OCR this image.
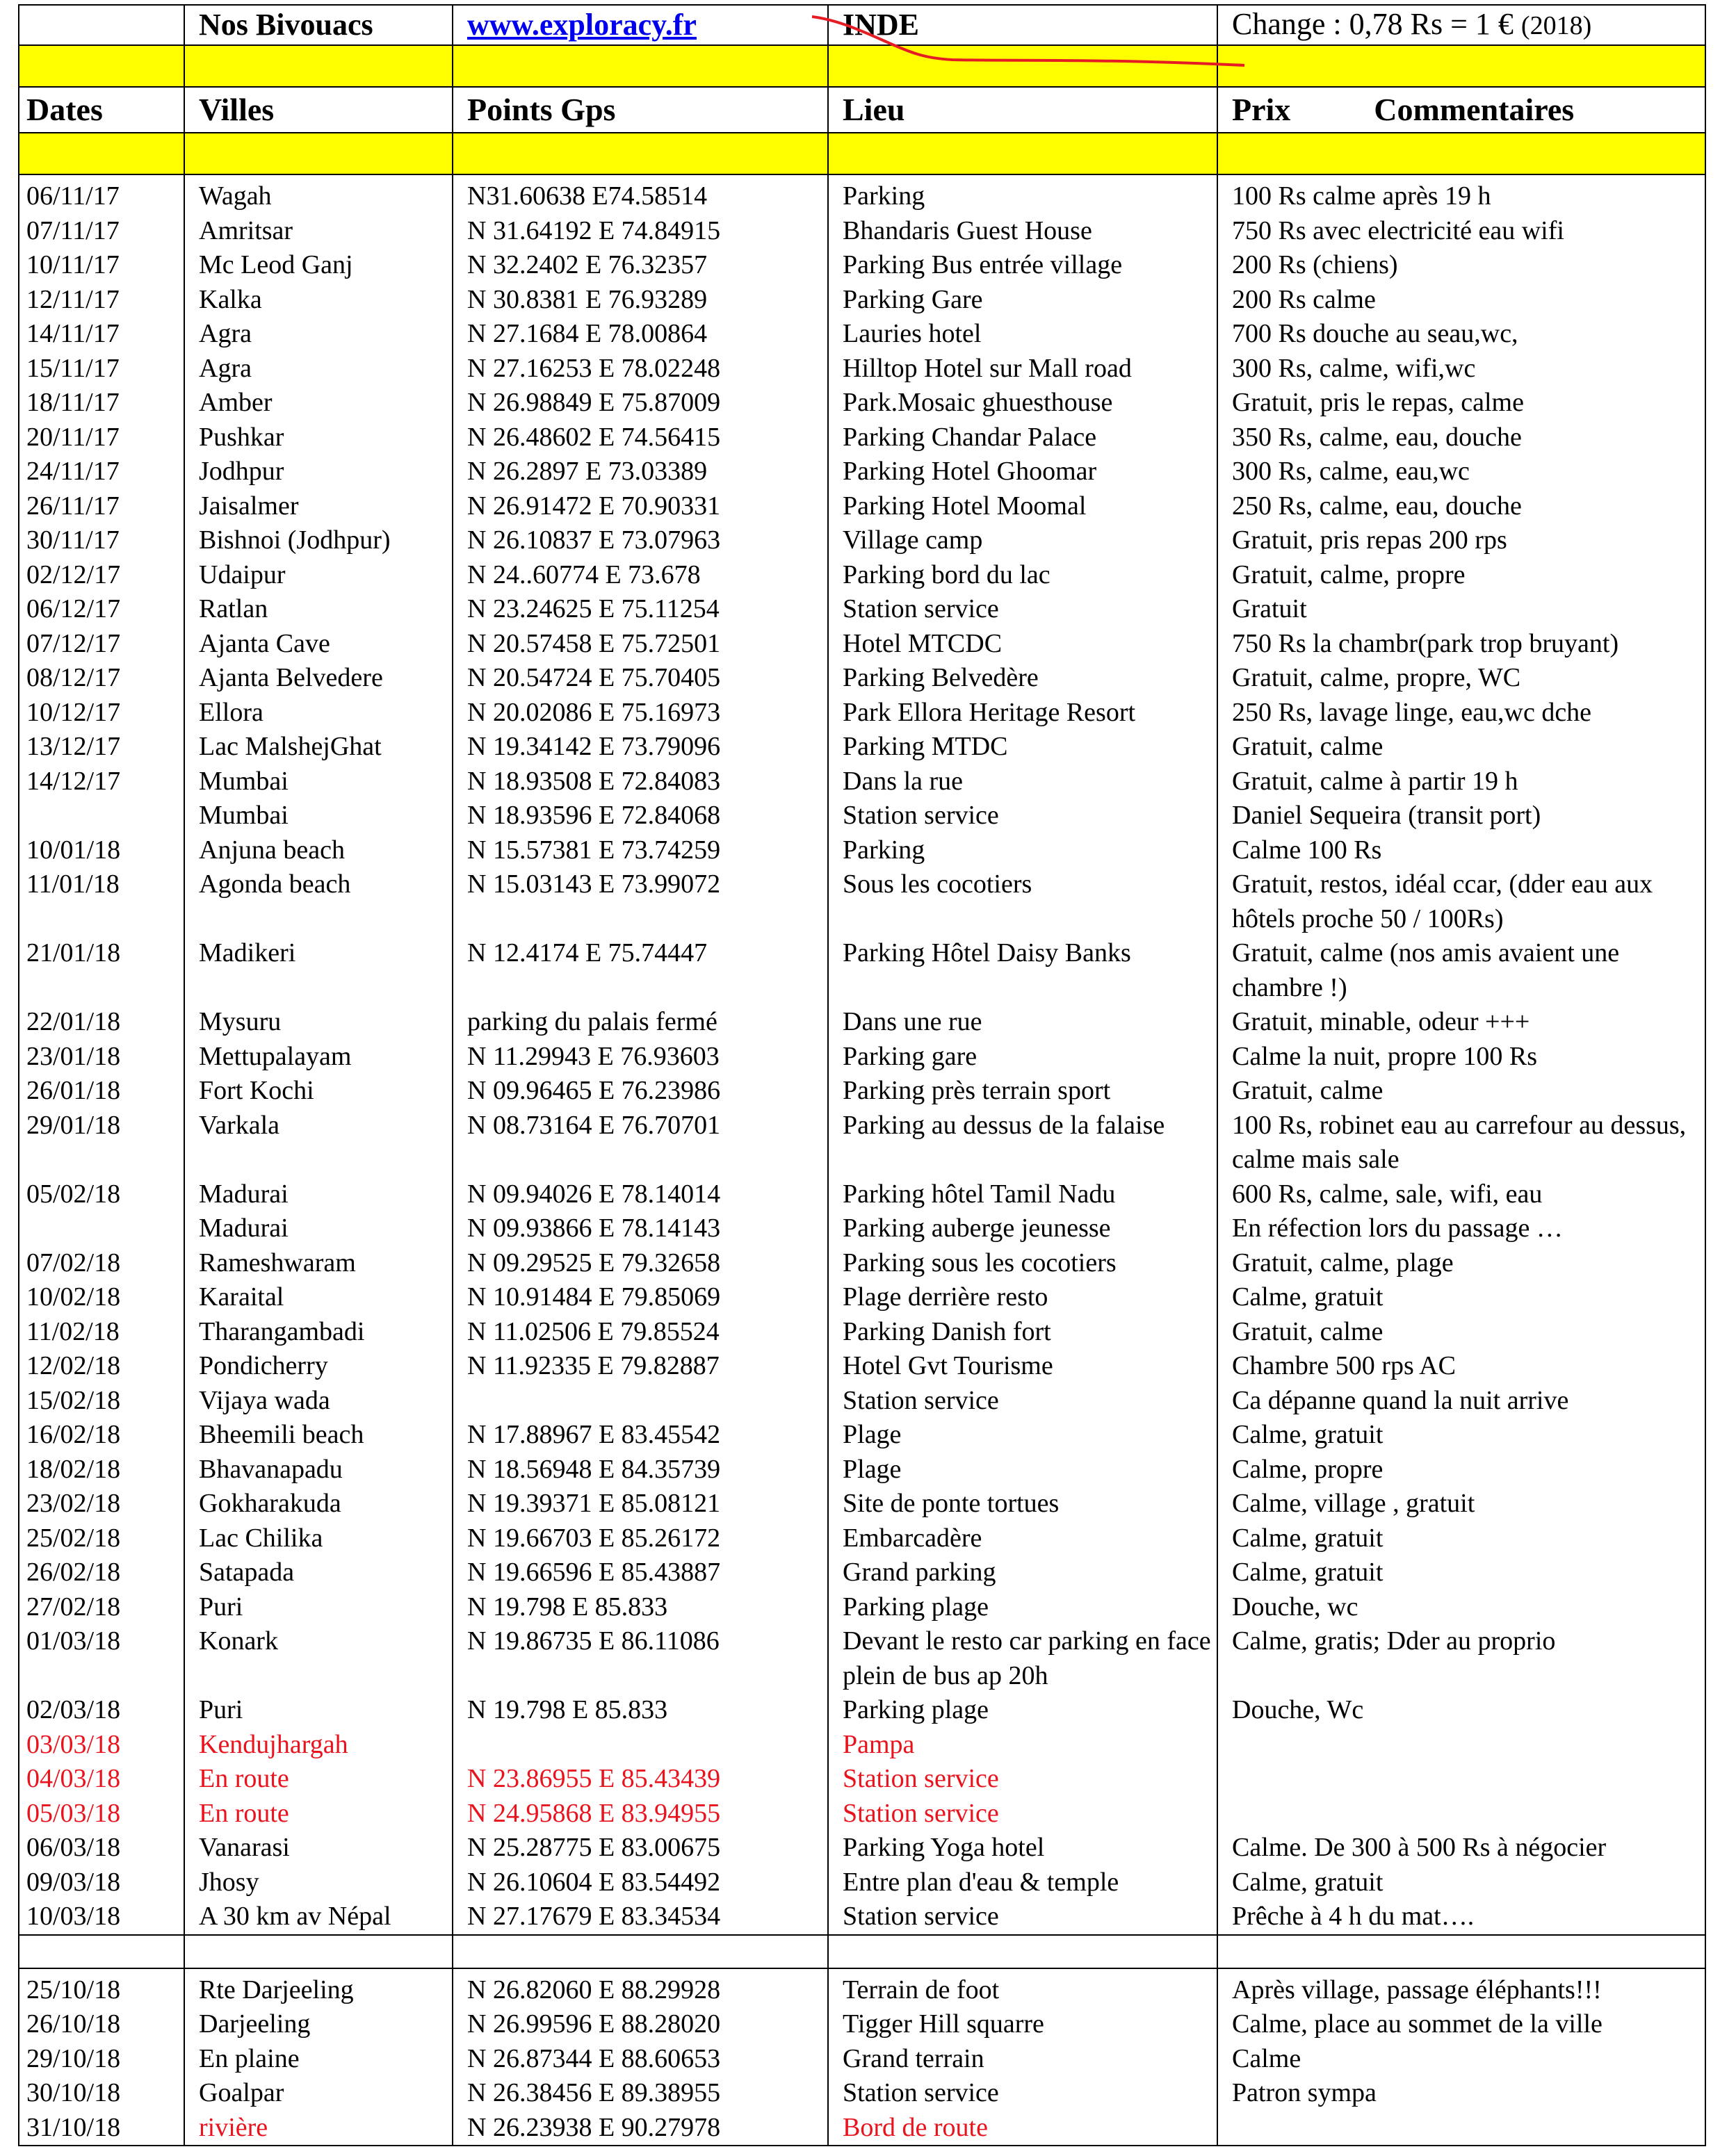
	Nos Bivouacs	www.exploracy.fr	INDE	Change : 0,78 Rs = 1 € (2018)

Dates	Villes	Points Gps	Lieu	Prix Commentaires

06/11/17	Wagah	N31.60638 E74.58514	Parking	100 Rs calme après 19 h
07/11/17	Amritsar	N 31.64192 E 74.84915	Bhandaris Guest House	750 Rs avec electricité eau wifi
10/11/17	Mc Leod Ganj	N 32.2402 E 76.32357	Parking Bus entrée village	200 Rs (chiens)
12/11/17	Kalka	N 30.8381 E 76.93289	Parking Gare	200 Rs calme
14/11/17	Agra	N 27.1684 E 78.00864	Lauries hotel	700 Rs douche au seau,wc,
15/11/17	Agra	N 27.16253 E 78.02248	Hilltop Hotel sur Mall road	300 Rs, calme, wifi,wc
18/11/17	Amber	N 26.98849 E 75.87009	Park.Mosaic ghuesthouse	Gratuit, pris le repas, calme
20/11/17	Pushkar	N 26.48602 E 74.56415	Parking Chandar Palace	350 Rs, calme, eau, douche
24/11/17	Jodhpur	N 26.2897 E 73.03389	Parking Hotel Ghoomar	300 Rs, calme, eau,wc
26/11/17	Jaisalmer	N 26.91472 E 70.90331	Parking Hotel Moomal	250 Rs, calme, eau, douche
30/11/17	Bishnoi (Jodhpur)	N 26.10837 E 73.07963	Village camp	Gratuit, pris repas 200 rps
02/12/17	Udaipur	N 24..60774 E 73.678	Parking bord du lac	Gratuit, calme, propre
06/12/17	Ratlan	N 23.24625 E 75.11254	Station service	Gratuit
07/12/17	Ajanta Cave	N 20.57458 E 75.72501	Hotel MTCDC	750 Rs la chambr(park trop bruyant)
08/12/17	Ajanta Belvedere	N 20.54724 E 75.70405	Parking Belvedère	Gratuit, calme, propre, WC
10/12/17	Ellora	N 20.02086 E 75.16973	Park Ellora Heritage Resort	250 Rs, lavage linge, eau,wc dche
13/12/17	Lac MalshejGhat	N 19.34142 E 73.79096	Parking MTDC	Gratuit, calme
14/12/17	Mumbai	N 18.93508 E 72.84083	Dans la rue	Gratuit, calme à partir 19 h
	Mumbai	N 18.93596 E 72.84068	Station service	Daniel Sequeira (transit port)
10/01/18	Anjuna beach	N 15.57381 E 73.74259	Parking	Calme 100 Rs
11/01/18	Agonda beach	N 15.03143 E 73.99072	Sous les cocotiers	Gratuit, restos, idéal ccar, (dder eau aux hôtels proche 50 / 100Rs)
21/01/18	Madikeri	N 12.4174 E 75.74447	Parking Hôtel Daisy Banks	Gratuit, calme (nos amis avaient une chambre !)
22/01/18	Mysuru	parking du palais fermé	Dans une rue	Gratuit, minable, odeur +++
23/01/18	Mettupalayam	N 11.29943 E 76.93603	Parking gare	Calme la nuit, propre 100 Rs
26/01/18	Fort Kochi	N 09.96465 E 76.23986	Parking près terrain sport	Gratuit, calme
29/01/18	Varkala	N 08.73164 E 76.70701	Parking au dessus de la falaise	100 Rs, robinet eau au carrefour au dessus, calme mais sale
05/02/18	Madurai	N 09.94026 E 78.14014	Parking hôtel Tamil Nadu	600 Rs, calme, sale, wifi, eau
	Madurai	N 09.93866 E 78.14143	Parking auberge jeunesse	En réfection lors du passage …
07/02/18	Rameshwaram	N 09.29525 E 79.32658	Parking sous les cocotiers	Gratuit, calme, plage
10/02/18	Karaital	N 10.91484 E 79.85069	Plage derrière resto	Calme, gratuit
11/02/18	Tharangambadi	N 11.02506 E 79.85524	Parking Danish fort	Gratuit, calme
12/02/18	Pondicherry	N 11.92335 E 79.82887	Hotel Gvt Tourisme	Chambre 500 rps AC
15/02/18	Vijaya wada		Station service	Ca dépanne quand la nuit arrive
16/02/18	Bheemili beach	N 17.88967 E 83.45542	Plage	Calme, gratuit
18/02/18	Bhavanapadu	N 18.56948 E 84.35739	Plage	Calme, propre
23/02/18	Gokharakuda	N 19.39371 E 85.08121	Site de ponte tortues	Calme, village , gratuit
25/02/18	Lac Chilika	N 19.66703 E 85.26172	Embarcadère	Calme, gratuit
26/02/18	Satapada	N 19.66596 E 85.43887	Grand parking	Calme, gratuit
27/02/18	Puri	N 19.798 E 85.833	Parking plage	Douche, wc
01/03/18	Konark	N 19.86735 E 86.11086	Devant le resto car parking en face plein de bus ap 20h	Calme, gratis; Dder au proprio
02/03/18	Puri	N 19.798 E 85.833	Parking plage	Douche, Wc
03/03/18	Kendujhargah		Pampa	
04/03/18	En route	N 23.86955 E 85.43439	Station service	
05/03/18	En route	N 24.95868 E 83.94955	Station service	
06/03/18	Vanarasi	N 25.28775 E 83.00675	Parking Yoga hotel	Calme. De 300 à 500 Rs à négocier
09/03/18	Jhosy	N 26.10604 E 83.54492	Entre plan d'eau & temple	Calme, gratuit
10/03/18	A 30 km av Népal	N 27.17679 E 83.34534	Station service	Prêche à 4 h du mat….

25/10/18	Rte Darjeeling	N 26.82060 E 88.29928	Terrain de foot	Après village, passage éléphants!!!
26/10/18	Darjeeling	N 26.99596 E 88.28020	Tigger Hill squarre	Calme, place au sommet de la ville
29/10/18	En plaine	N 26.87344 E 88.60653	Grand terrain	Calme
30/10/18	Goalpar	N 26.38456 E 89.38955	Station service	Patron sympa
31/10/18	rivière	N 26.23938 E 90.27978	Bord de route	
